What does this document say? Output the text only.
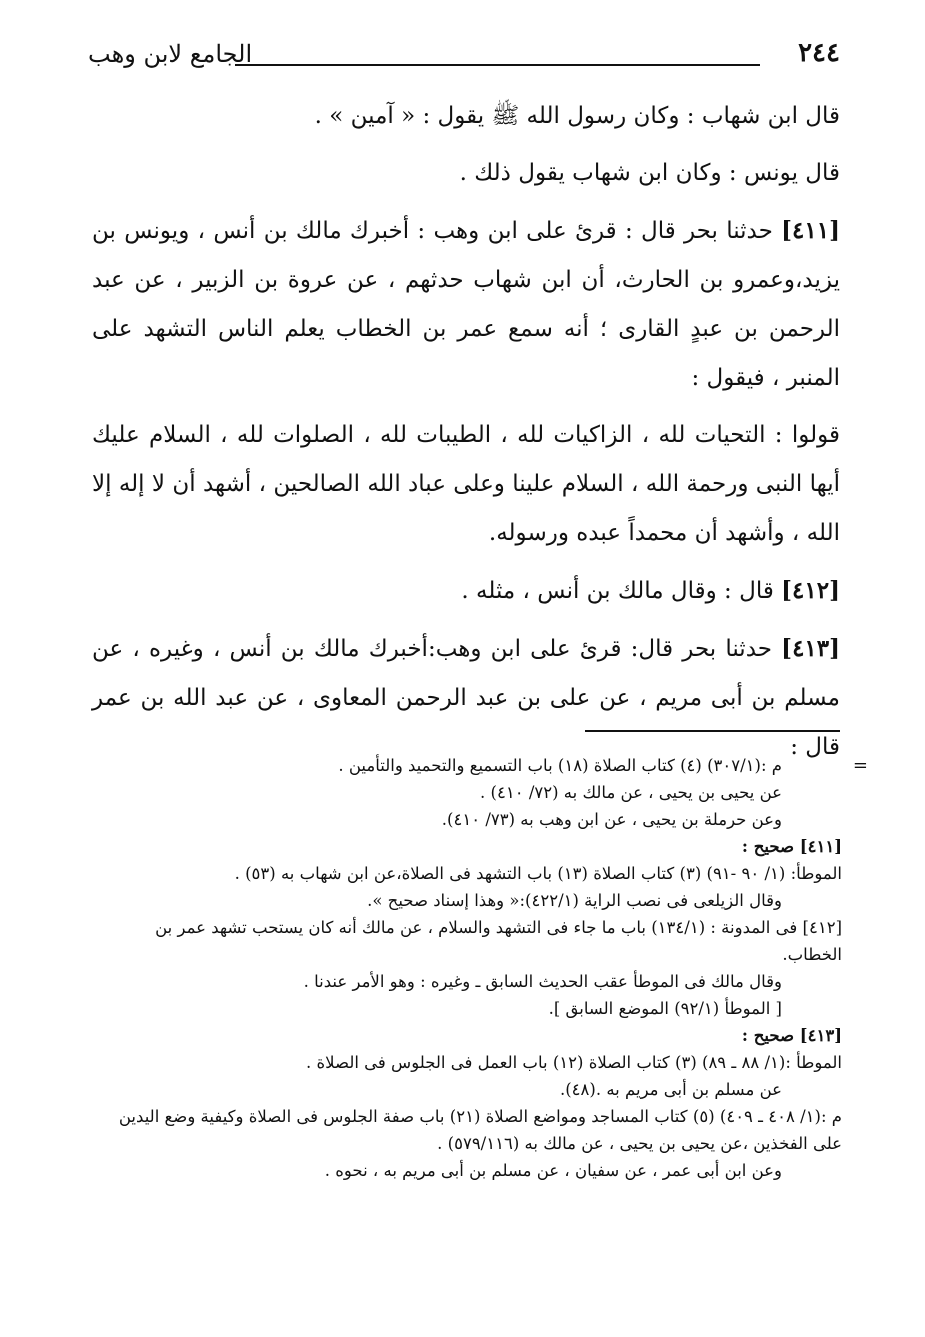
٢٤٤
الجامع لابن وهب

قال ابن شهاب : وكان رسول الله ﷺ يقول : « آمين » .

قال يونس : وكان ابن شهاب يقول ذلك .

[٤١١] حدثنا بحر قال : قرئ على ابن وهب : أخبرك مالك بن أنس ، ويونس بن يزيد،وعمرو بن الحارث، أن ابن شهاب حدثهم ، عن عروة بن الزبير ، عن عبد الرحمن بن عبدٍ القارى ؛ أنه سمع عمر بن الخطاب يعلم الناس التشهد على المنبر ، فيقول :

قولوا : التحيات لله ، الزاكيات لله ، الطيبات لله ، الصلوات لله ، السلام عليك أيها النبى ورحمة الله ، السلام علينا وعلى عباد الله الصالحين ، أشهد أن لا إله إلا الله ، وأشهد أن محمداً عبده ورسوله.

[٤١٢] قال : وقال مالك بن أنس ، مثله .

[٤١٣] حدثنا بحر قال: قرئ على ابن وهب:أخبرك مالك بن أنس ، وغيره ، عن مسلم بن أبى مريم ، عن على بن عبد الرحمن المعاوى ، عن عبد الله بن عمر قال :

=

م :(٣٠٧/١) (٤) كتاب الصلاة (١٨) باب التسميع والتحميد والتأمين .

عن يحيى بن يحيى ، عن مالك به (٧٢/ ٤١٠) .

وعن حرملة بن يحيى ، عن ابن وهب به (٧٣/ ٤١٠).

[٤١١] صحيح :

الموطأ: (١/ ٩٠ -٩١) (٣) كتاب الصلاة (١٣) باب التشهد فى الصلاة،عن ابن شهاب به (٥٣) .

وقال الزيلعى فى نصب الراية (٤٢٢/١):« وهذا إسناد صحيح ».

[٤١٢] فى المدونة : (١٣٤/١) باب ما جاء فى التشهد والسلام ، عن مالك أنه كان يستحب تشهد عمر بن الخطاب.

وقال مالك فى الموطأ عقب الحديث السابق ـ وغيره : وهو الأمر عندنا .

[ الموطأ (٩٢/١) الموضع السابق ].

[٤١٣] صحيح :

الموطأ :(١/ ٨٨ ـ ٨٩) (٣) كتاب الصلاة (١٢) باب العمل فى الجلوس فى الصلاة .

عن مسلم بن أبى مريم به .(٤٨).

م :(١/ ٤٠٨ ـ ٤٠٩) (٥) كتاب المساجد ومواضع الصلاة (٢١) باب صفة الجلوس فى الصلاة وكيفية وضع اليدين على الفخذين ،عن يحيى بن يحيى ، عن مالك به (٥٧٩/١١٦) .

وعن ابن أبى عمر ، عن سفيان ، عن مسلم بن أبى مريم به ، نحوه .
